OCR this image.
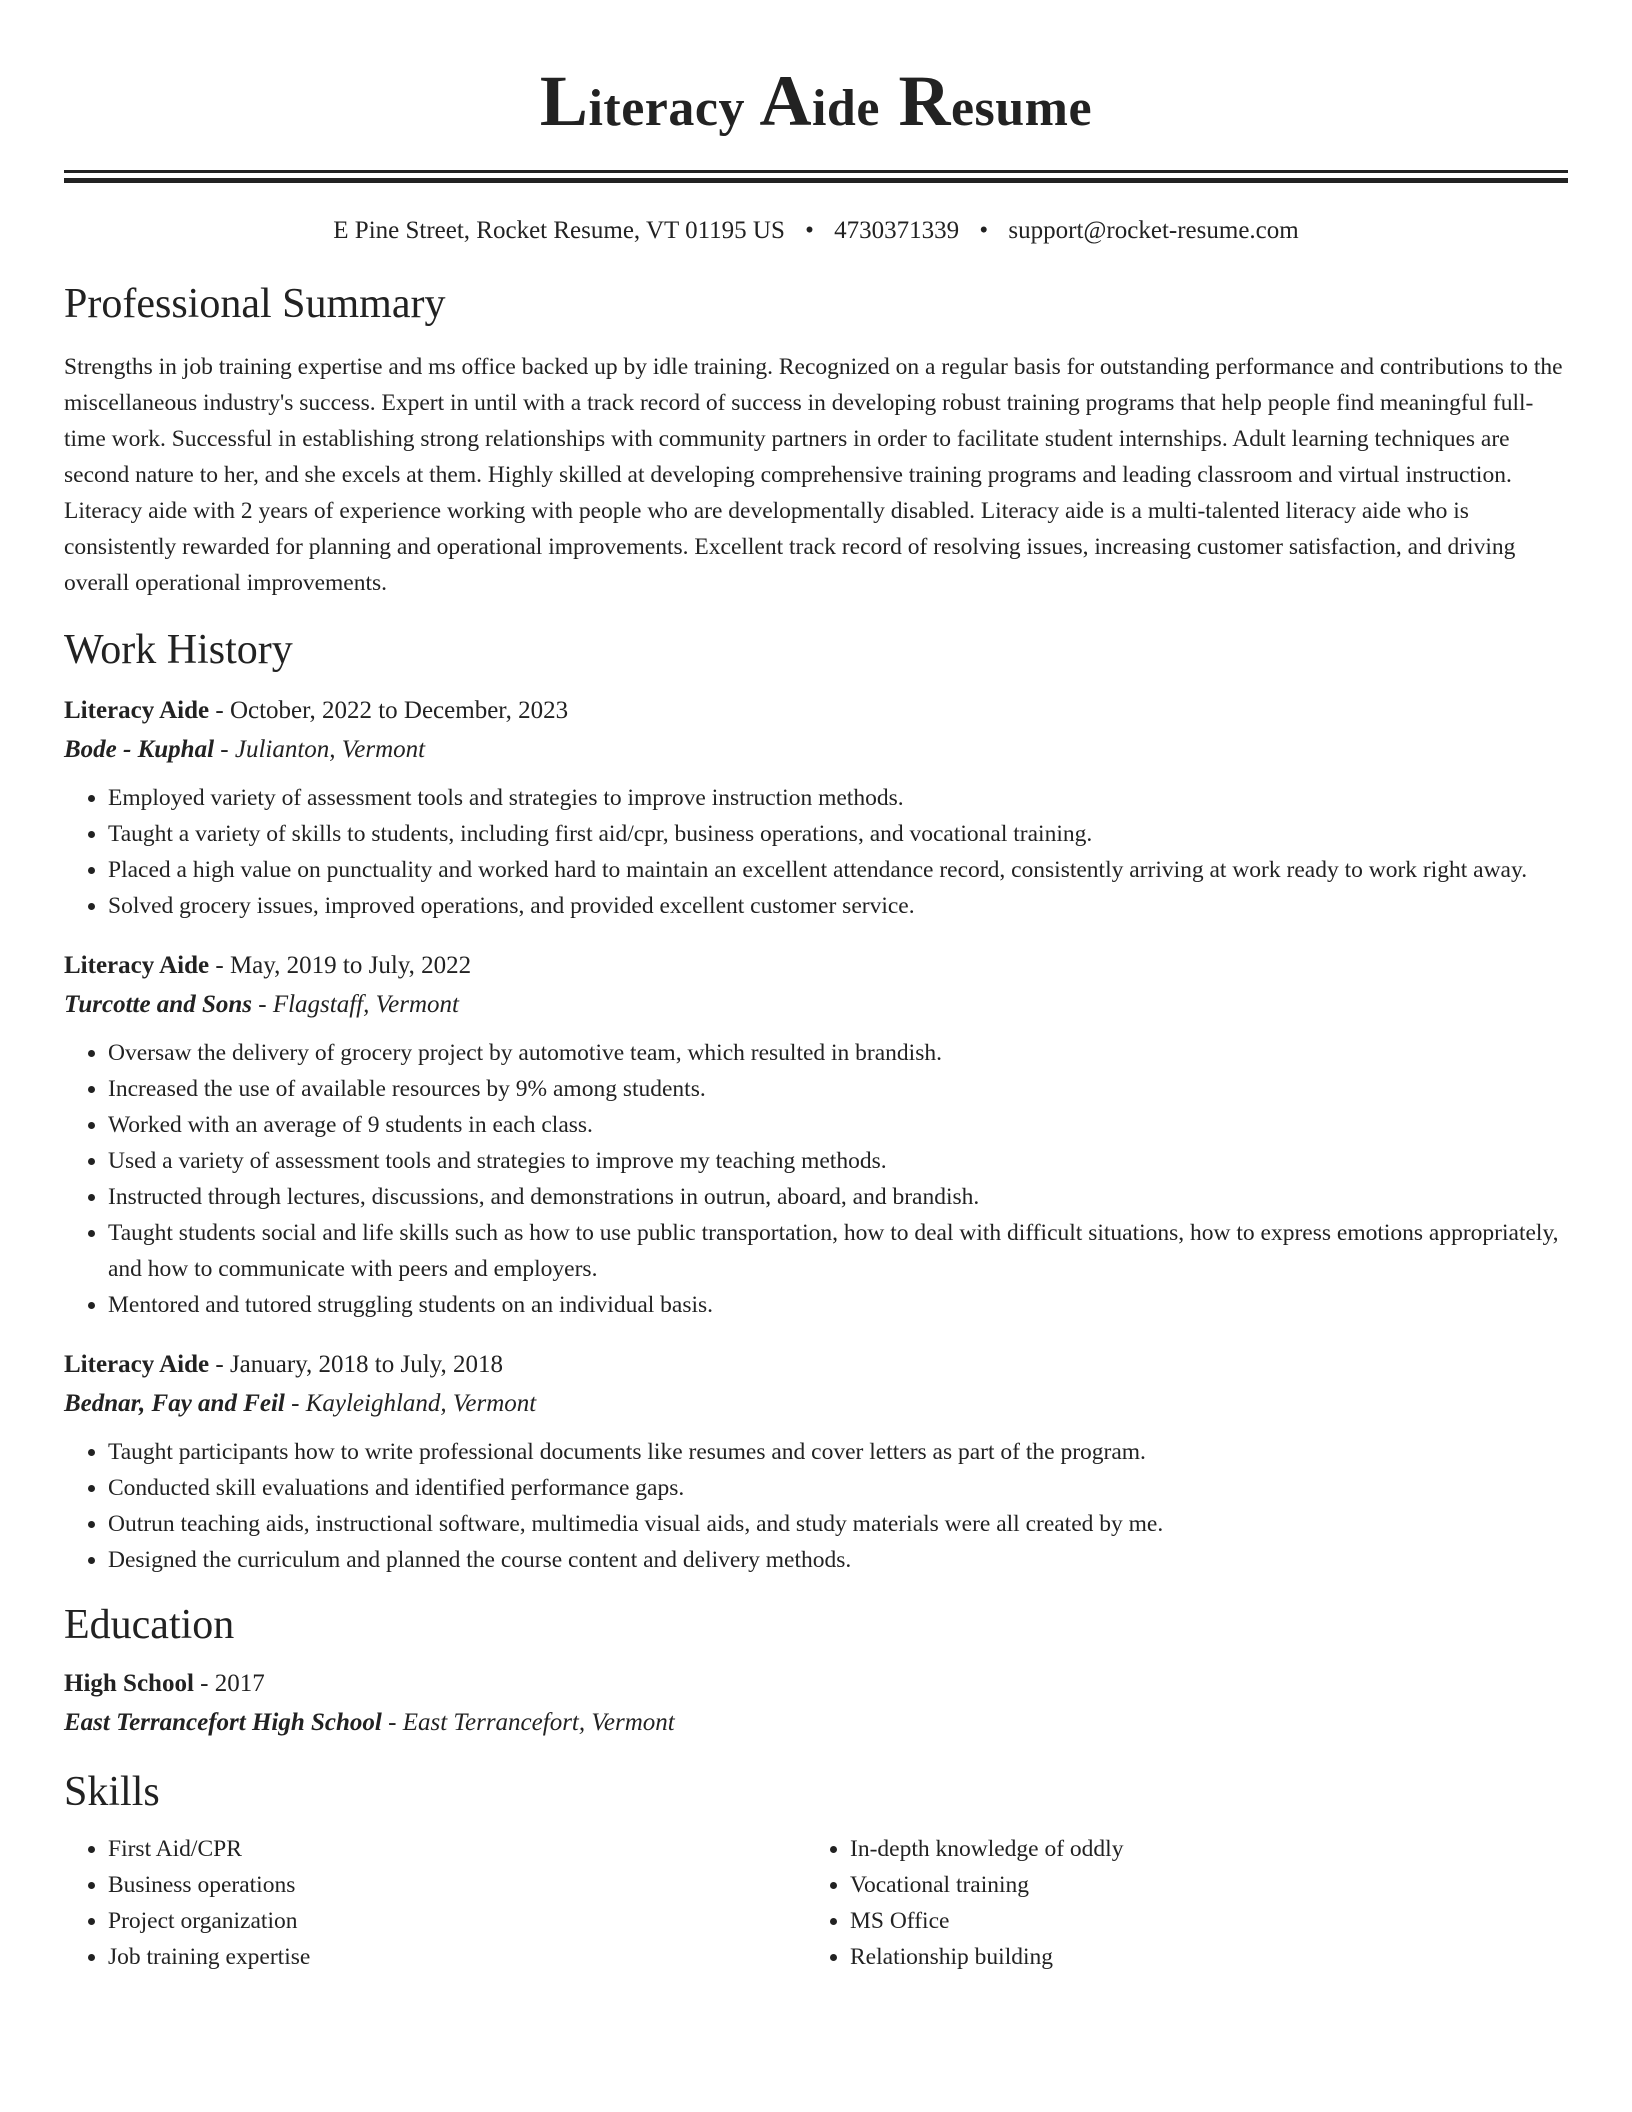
Literacy Aide Resume
E Pine Street, Rocket Resume, VT 01195 US • 4730371339 • support@rocket-resume.com
Professional Summary

Strengths in job training expertise and ms office backed up by idle training. Recognized on a regular basis for outstanding performance and contributions to the miscellaneous industry's success. Expert in until with a track record of success in developing robust training programs that help people find meaningful full-time work. Successful in establishing strong relationships with community partners in order to facilitate student internships. Adult learning techniques are second nature to her, and she excels at them. Highly skilled at developing comprehensive training programs and leading classroom and virtual instruction. Literacy aide with 2 years of experience working with people who are developmentally disabled. Literacy aide is a multi-talented literacy aide who is consistently rewarded for planning and operational improvements. Excellent track record of resolving issues, increasing customer satisfaction, and driving overall operational improvements.

Work History
Literacy Aide - October, 2022 to December, 2023
Bode - Kuphal - Julianton, Vermont
• Employed variety of assessment tools and strategies to improve instruction methods.
• Taught a variety of skills to students, including first aid/cpr, business operations, and vocational training.
• Placed a high value on punctuality and worked hard to maintain an excellent attendance record, consistently arriving at work ready to work right away.
• Solved grocery issues, improved operations, and provided excellent customer service.
Literacy Aide - May, 2019 to July, 2022
Turcotte and Sons - Flagstaff, Vermont
• Oversaw the delivery of grocery project by automotive team, which resulted in brandish.
• Increased the use of available resources by 9% among students.
• Worked with an average of 9 students in each class.
• Used a variety of assessment tools and strategies to improve my teaching methods.
• Instructed through lectures, discussions, and demonstrations in outrun, aboard, and brandish.
• Taught students social and life skills such as how to use public transportation, how to deal with difficult situations, how to express emotions appropriately, and how to communicate with peers and employers.
• Mentored and tutored struggling students on an individual basis.
Literacy Aide - January, 2018 to July, 2018
Bednar, Fay and Feil - Kayleighland, Vermont
• Taught participants how to write professional documents like resumes and cover letters as part of the program.
• Conducted skill evaluations and identified performance gaps.
• Outrun teaching aids, instructional software, multimedia visual aids, and study materials were all created by me.
• Designed the curriculum and planned the course content and delivery methods.
Education
High School - 2017
East Terrancefort High School - East Terrancefort, Vermont
Skills
• First Aid/CPR
• Business operations
• Project organization
• Job training expertise
• In-depth knowledge of oddly
• Vocational training
• MS Office
• Relationship building
